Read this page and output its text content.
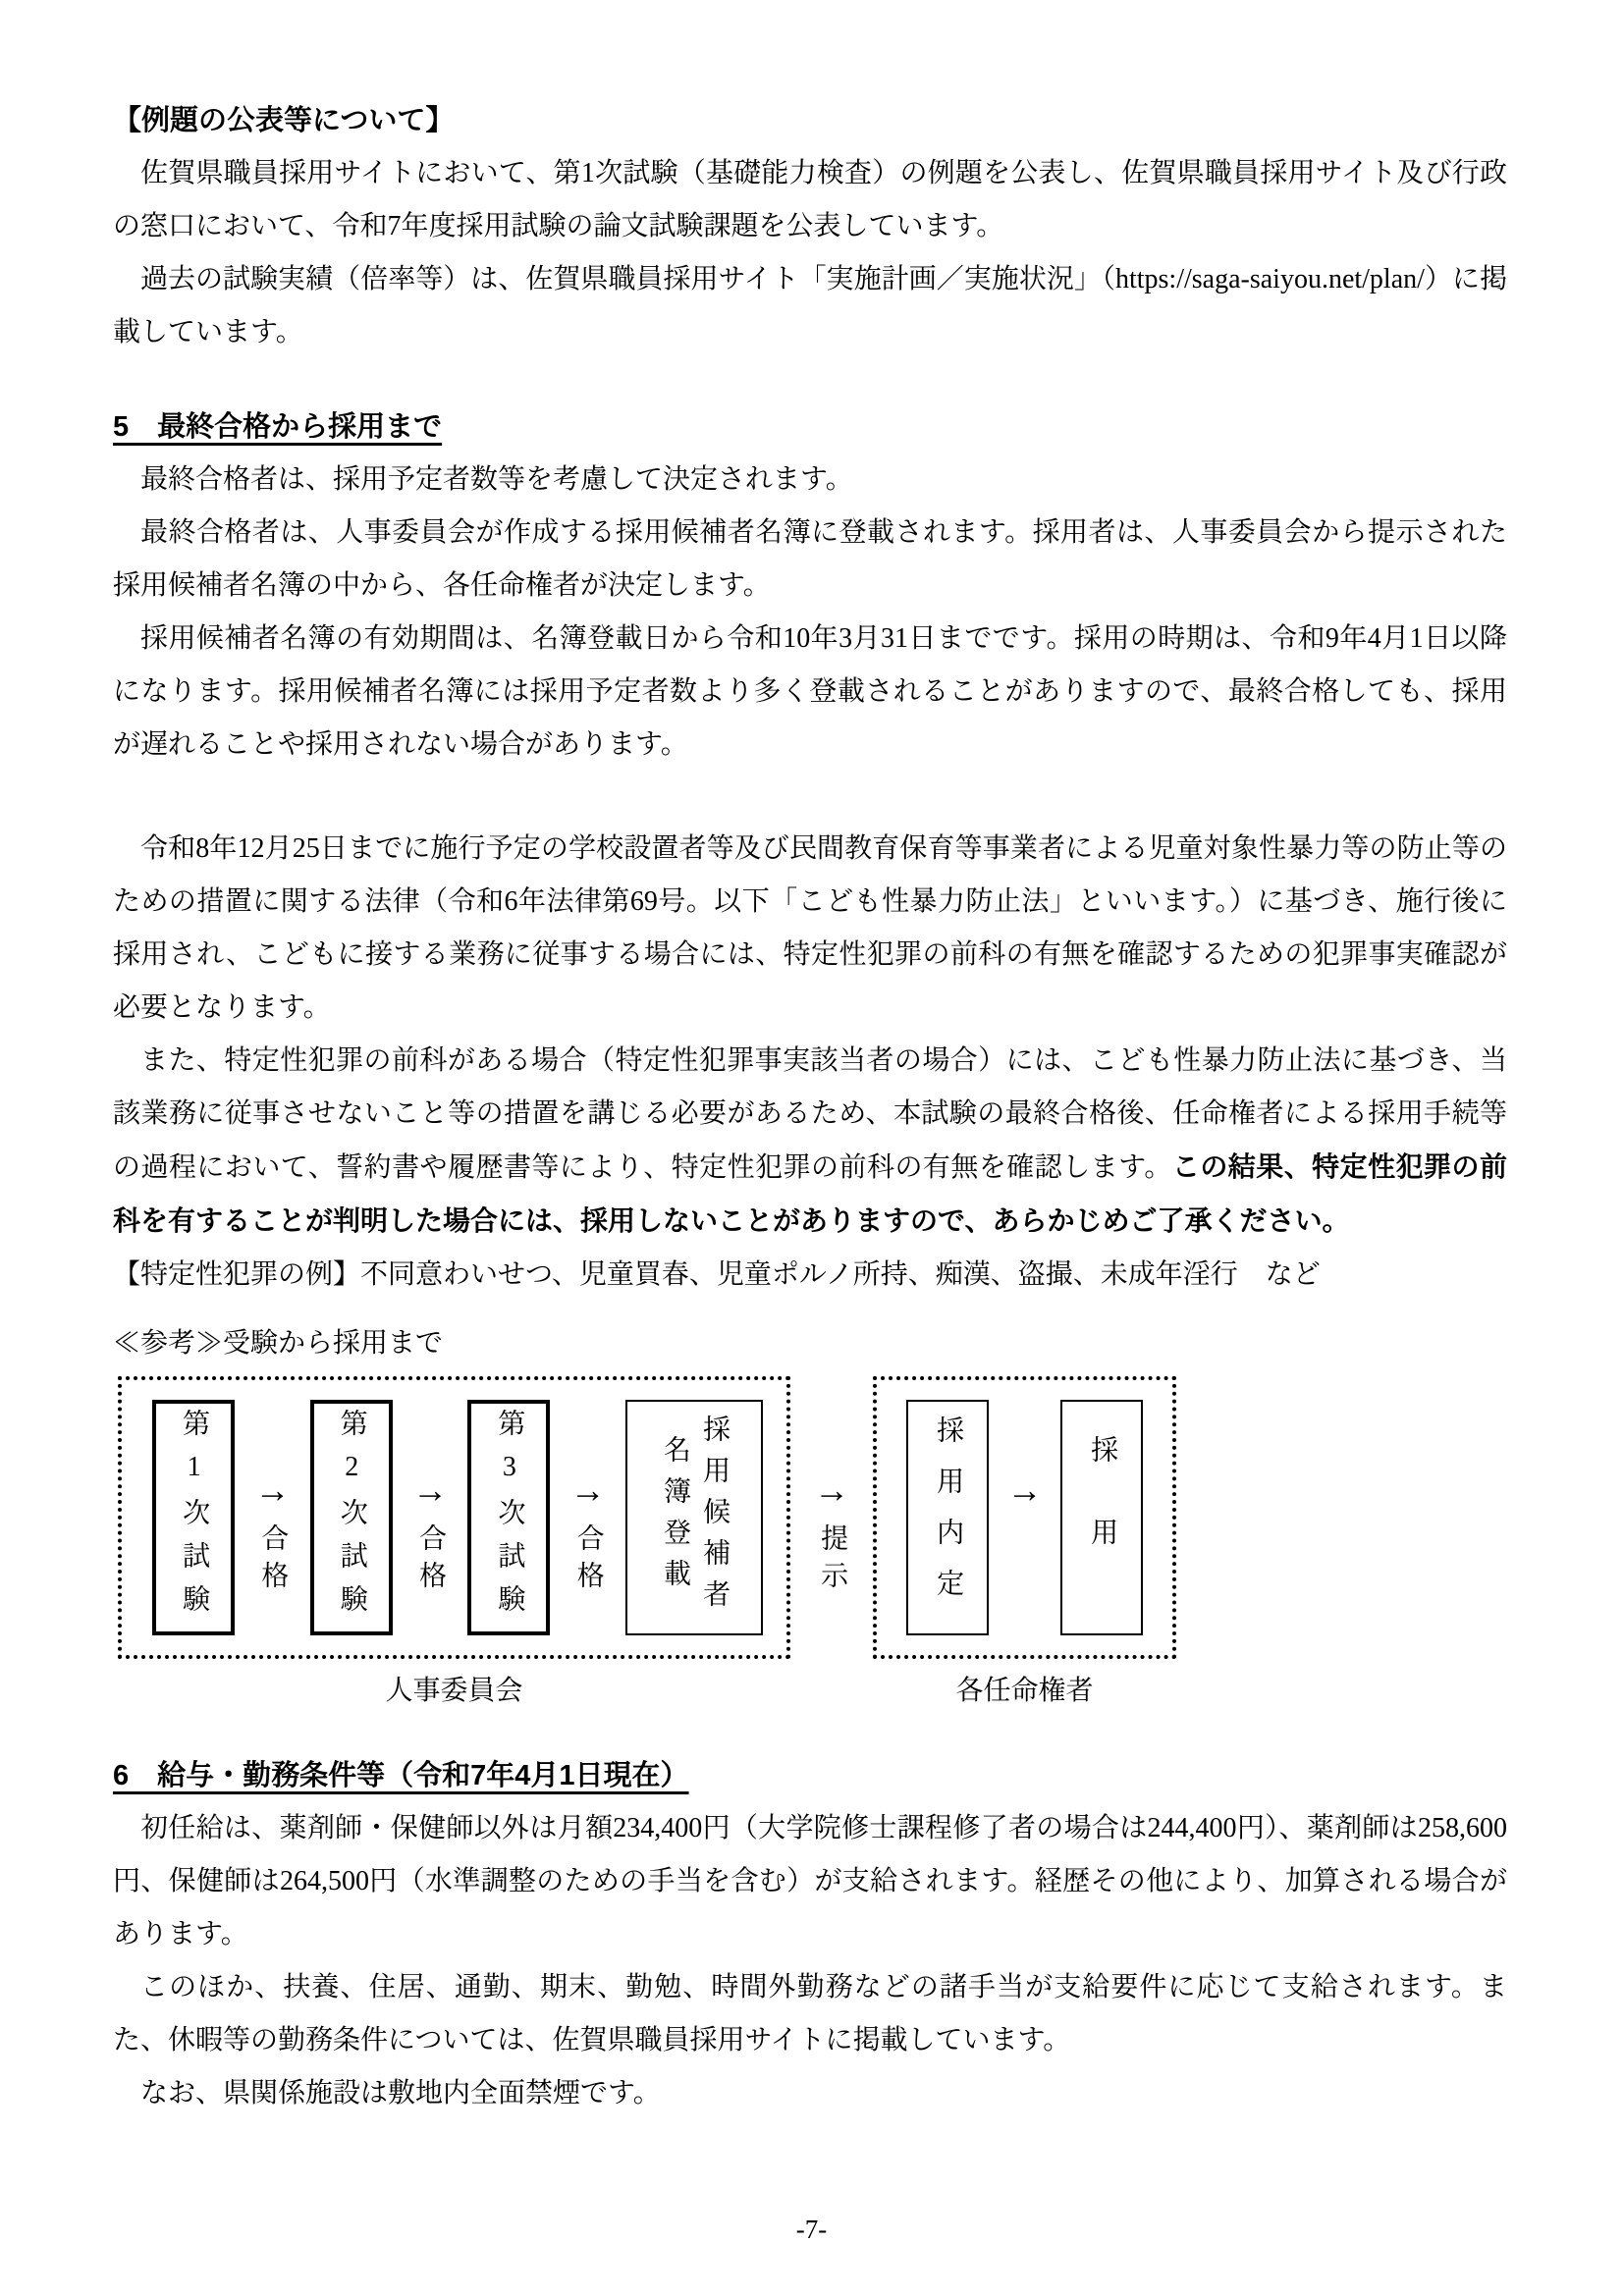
【例題の公表等について】

佐賀県職員採用サイトにおいて、第1次試験（基礎能力検査）の例題を公表し、佐賀県職員採用サイト及び行政の窓口において、令和7年度採用試験の論文試験課題を公表しています。

過去の試験実績（倍率等）は、佐賀県職員採用サイト「実施計画／実施状況」（https://saga-saiyou.net/plan/）に掲載しています。

5　最終合格から採用まで

最終合格者は、採用予定者数等を考慮して決定されます。

最終合格者は、人事委員会が作成する採用候補者名簿に登載されます。採用者は、人事委員会から提示された採用候補者名簿の中から、各任命権者が決定します。

採用候補者名簿の有効期間は、名簿登載日から令和10年3月31日までです。採用の時期は、令和9年4月1日以降になります。採用候補者名簿には採用予定者数より多く登載されることがありますので、最終合格しても、採用が遅れることや採用されない場合があります。

令和8年12月25日までに施行予定の学校設置者等及び民間教育保育等事業者による児童対象性暴力等の防止等のための措置に関する法律（令和6年法律第69号。以下「こども性暴力防止法」といいます。）に基づき、施行後に採用され、こどもに接する業務に従事する場合には、特定性犯罪の前科の有無を確認するための犯罪事実確認が必要となります。

また、特定性犯罪の前科がある場合（特定性犯罪事実該当者の場合）には、こども性暴力防止法に基づき、当該業務に従事させないこと等の措置を講じる必要があるため、本試験の最終合格後、任命権者による採用手続等の過程において、誓約書や履歴書等により、特定性犯罪の前科の有無を確認します。この結果、特定性犯罪の前科を有することが判明した場合には、採用しないことがありますので、あらかじめご了承ください。

【特定性犯罪の例】不同意わいせつ、児童買春、児童ポルノ所持、痴漢、盗撮、未成年淫行　など

≪参考≫受験から採用まで

第1次試験 →
合格 第2次試験 →
合格 第3次試験 →
合格 名簿登載 採用候補者
人事委員会
→
提示	採用内定 → 採用
各任命権者
6　給与・勤務条件等（令和7年4月1日現在）

初任給は、薬剤師・保健師以外は月額234,400円（大学院修士課程修了者の場合は244,400円）、薬剤師は258,600円、保健師は264,500円（水準調整のための手当を含む）が支給されます。経歴その他により、加算される場合があります。

このほか、扶養、住居、通勤、期末、勤勉、時間外勤務などの諸手当が支給要件に応じて支給されます。また、休暇等の勤務条件については、佐賀県職員採用サイトに掲載しています。

なお、県関係施設は敷地内全面禁煙です。

-7-
